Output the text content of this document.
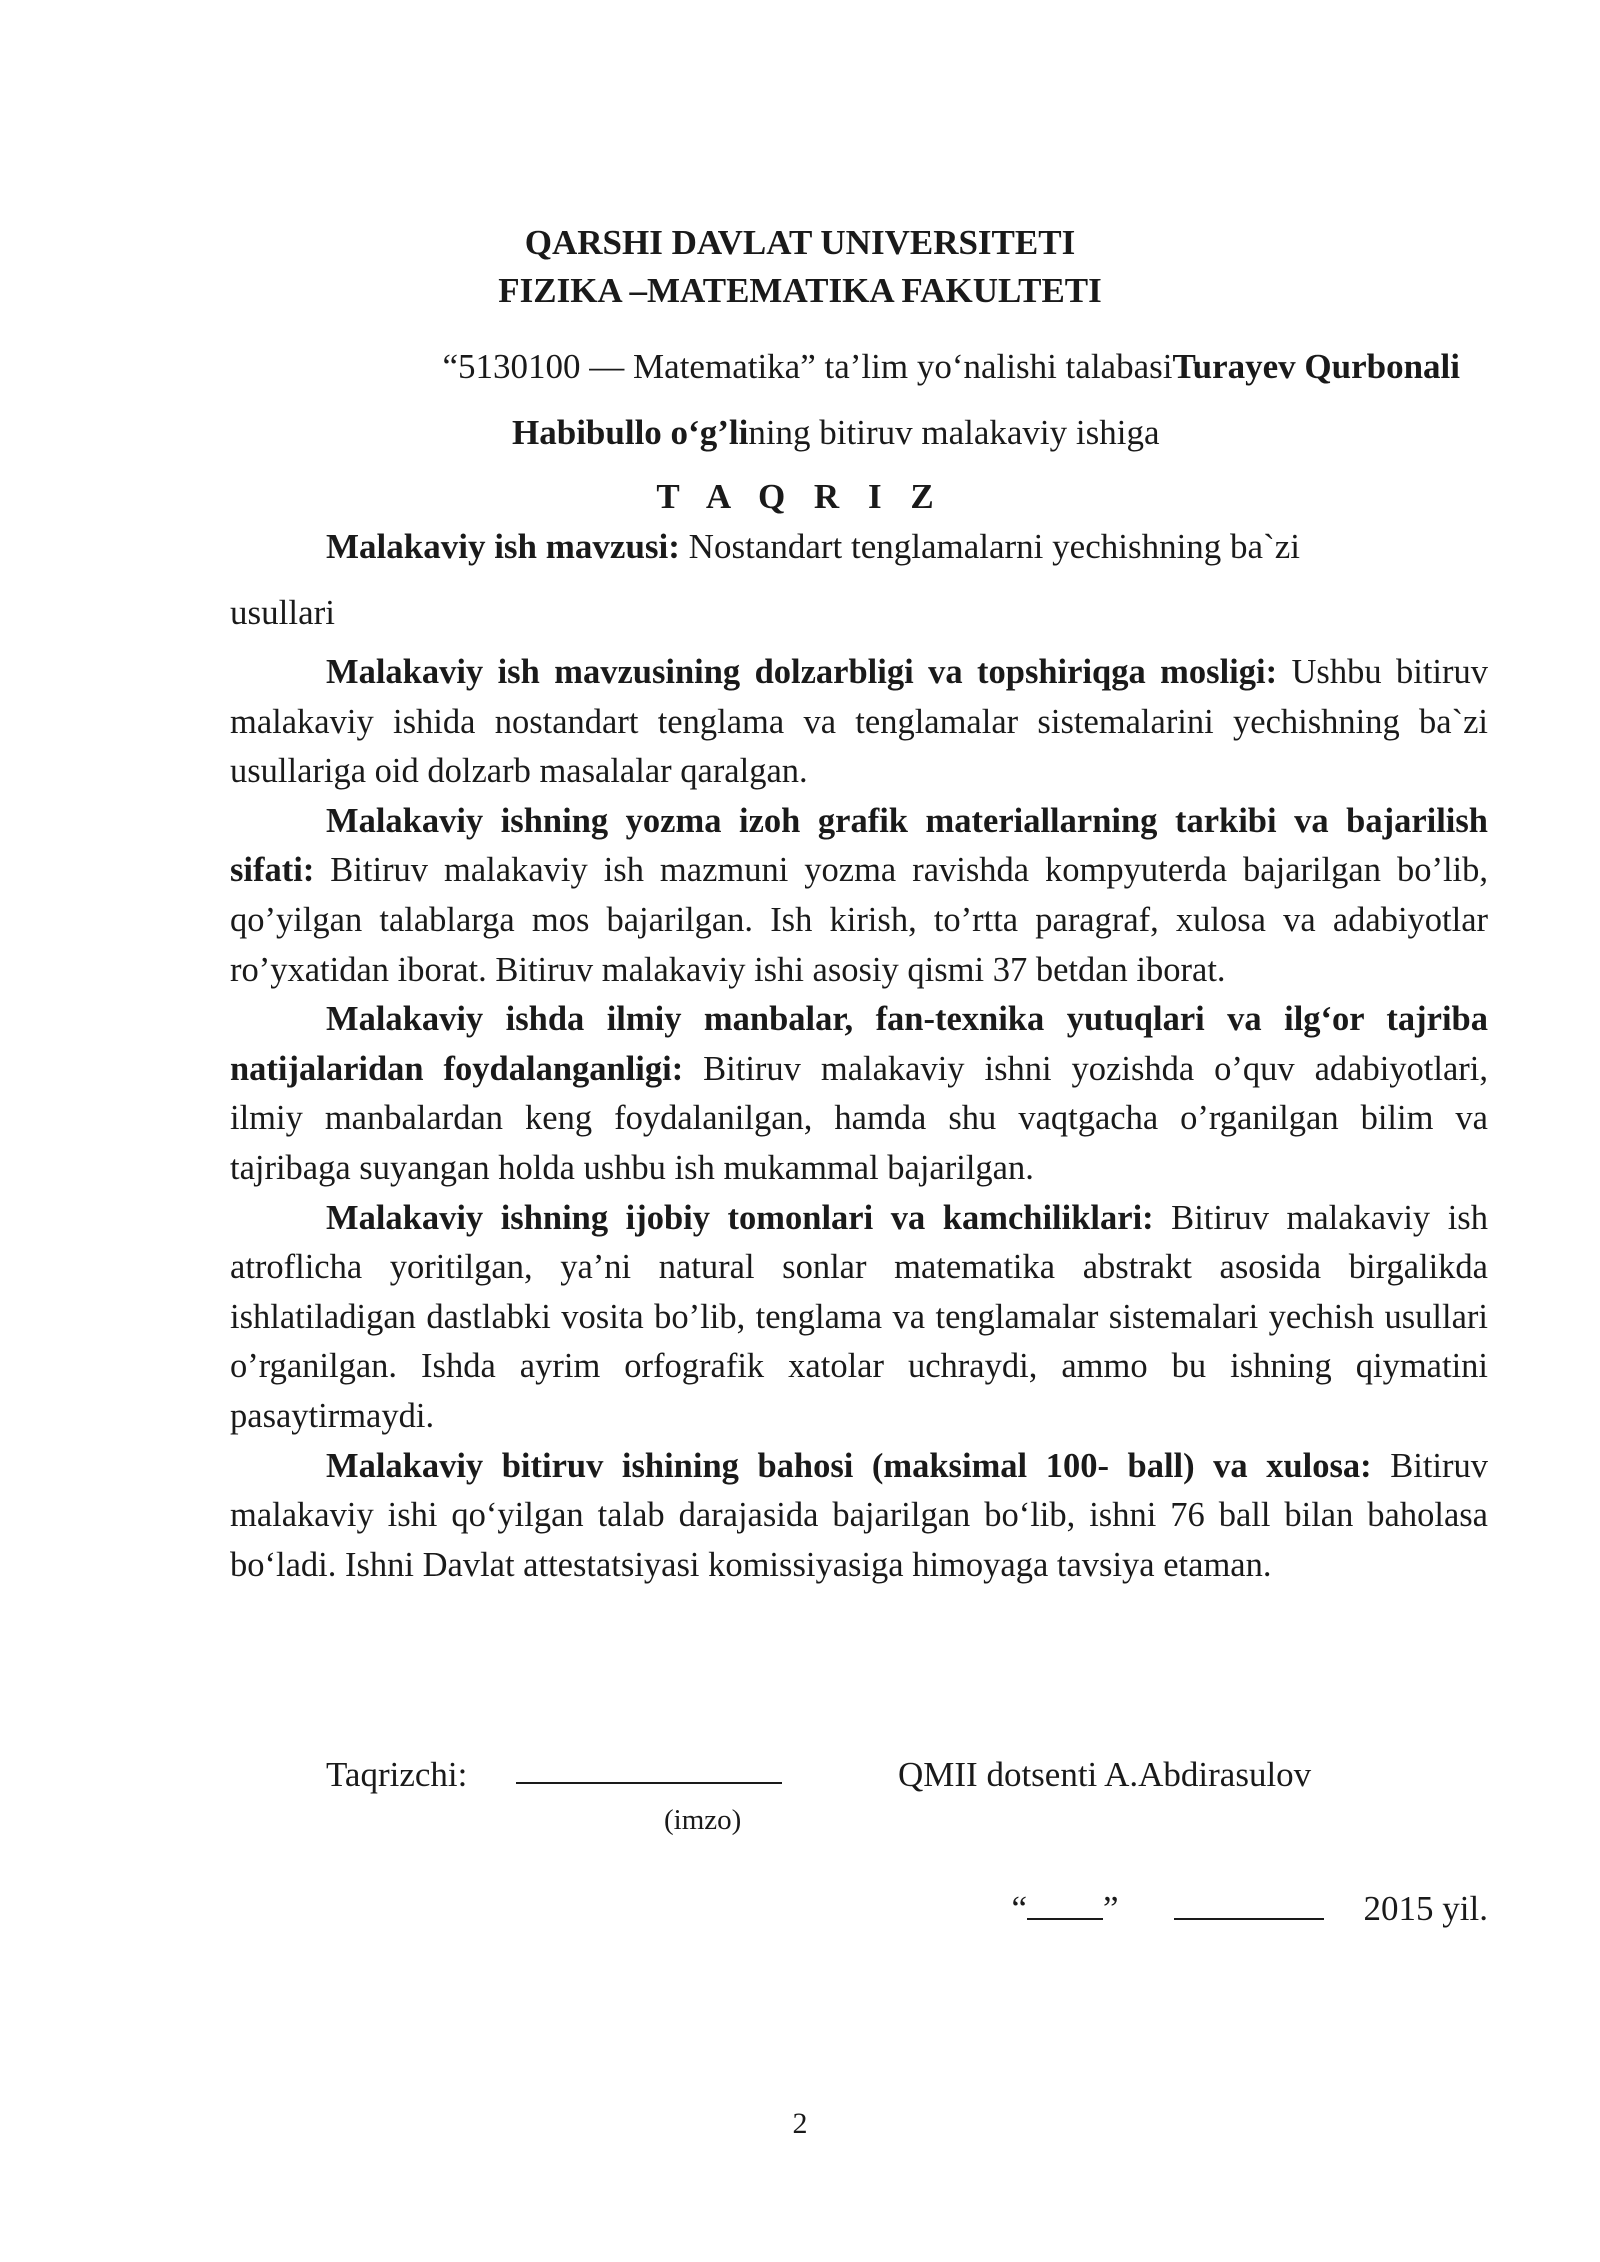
QARSHI DAVLAT UNIVERSITETI
FIZIKA –MATEMATIKA FAKULTETI
“5130100 — Matematika” ta’lim yo‘nalishi talabasiTurayev Qurbonali
Habibullo o‘g’lining bitiruv malakaviy ishiga
T A Q R I Z
Malakaviy ish mavzusi: Nostandart tenglamalarni yechishning ba`zi
usullari

Malakaviy ish mavzusining dolzarbligi va topshiriqga mosligi: Ushbu bitiruv malakaviy ishida nostandart tenglama va tenglamalar sistemalarini yechishning ba`zi usullariga oid dolzarb masalalar qaralgan.

Malakaviy ishning yozma izoh grafik materiallarning tarkibi va bajarilish sifati: Bitiruv malakaviy ish mazmuni yozma ravishda kompyuterda bajarilgan bo’lib, qo’yilgan talablarga mos bajarilgan. Ish kirish, to’rtta paragraf, xulosa va adabiyotlar ro’yxatidan iborat. Bitiruv malakaviy ishi asosiy qismi 37 betdan iborat.

Malakaviy ishda ilmiy manbalar, fan-texnika yutuqlari va ilg‘or tajriba natijalaridan foydalanganligi: Bitiruv malakaviy ishni yozishda o’quv adabiyotlari, ilmiy manbalardan keng foydalanilgan, hamda shu vaqtgacha o’rganilgan bilim va tajribaga suyangan holda ushbu ish mukammal bajarilgan.

Malakaviy ishning ijobiy tomonlari va kamchiliklari: Bitiruv malakaviy ish atroflicha yoritilgan, ya’ni natural sonlar matematika abstrakt asosida birgalikda ishlatiladigan dastlabki vosita bo’lib, tenglama va tenglamalar sistemalari yechish usullari o’rganilgan. Ishda ayrim orfografik xatolar uchraydi, ammo bu ishning qiymatini pasaytirmaydi.

Malakaviy bitiruv ishining bahosi (maksimal 100- ball) va xulosa: Bitiruv malakaviy ishi qo‘yilgan talab darajasida bajarilgan bo‘lib, ishni 76 ball bilan baholasa bo‘ladi. Ishni Davlat attestatsiyasi komissiyasiga himoyaga tavsiya etaman.

Taqrizchi:
(imzo)
QMII dotsenti A.Abdirasulov
“ ”	2015 yil.
2
